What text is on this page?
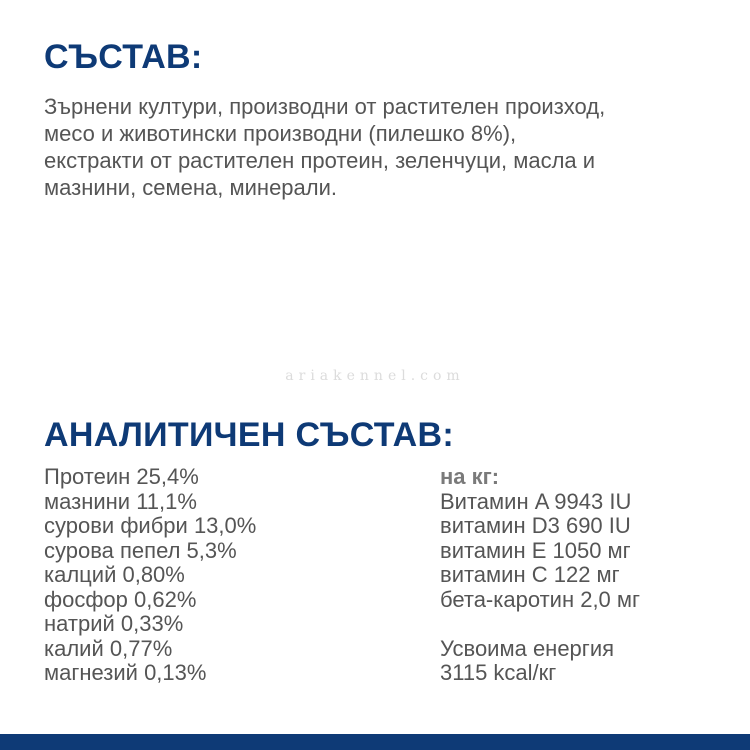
СЪСТАВ:

Зърнени култури, производни от растителен произход,
месо и животински производни (пилешко 8%),
екстракти от растителен протеин, зеленчуци, масла и
мазнини, семена, минерали.

ariakennel.com
АНАЛИТИЧЕН СЪСТАВ:
Протеин 25,4%
мазнини 11,1%
сурови фибри 13,0%
сурова пепел 5,3%
калций 0,80%
фосфор 0,62%
натрий 0,33%
калий 0,77%
магнезий 0,13%
на кг:
Витамин A 9943 IU
витамин D3 690 IU
витамин E 1050 мг
витамин C 122 мг
бета-каротин 2,0 мг
Усвоима енергия
3115 kcal/кг
